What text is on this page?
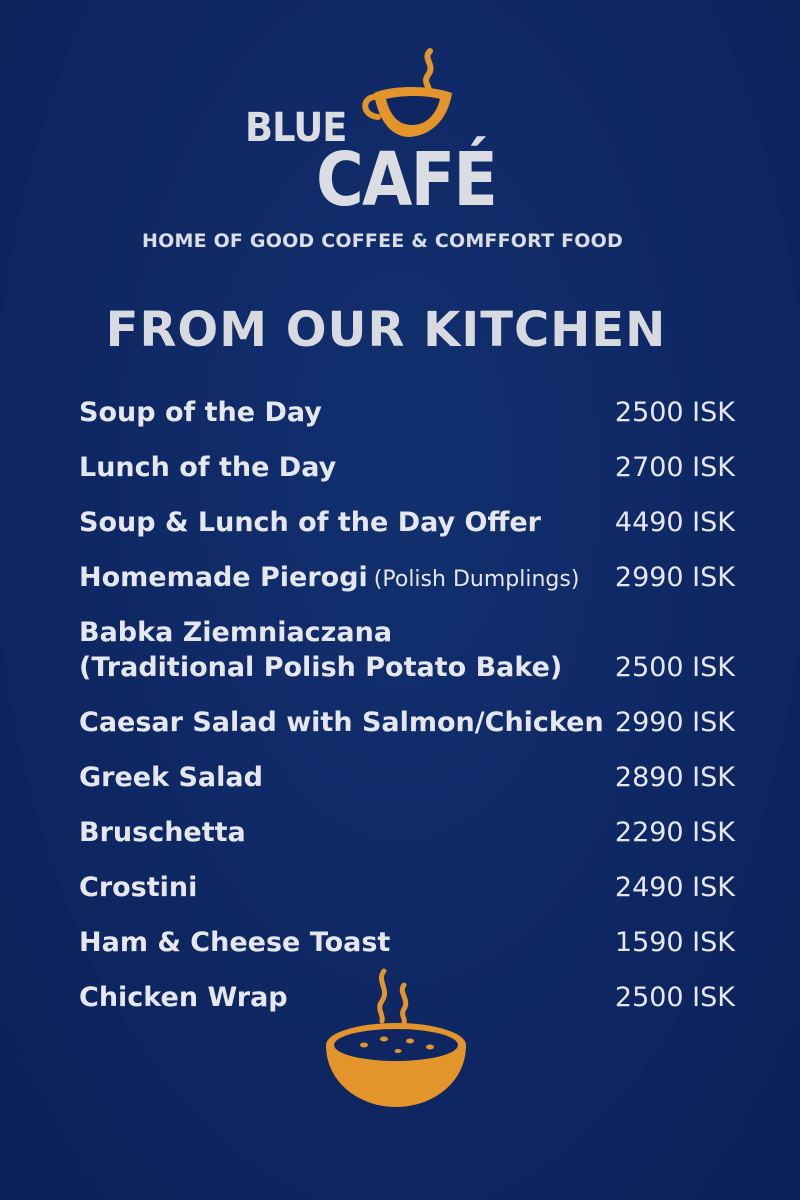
BLUE
CAFÉ
HOME OF GOOD COFFEE & COMFFORT FOOD
FROM OUR KITCHEN
Soup of the Day	2500 ISK
Lunch of the Day	2700 ISK
Soup & Lunch of the Day Offer	4490 ISK
Homemade Pierogi (Polish Dumplings) 2990 ISK
Babka Ziemniaczana
(Traditional Polish Potato Bake) 2500 ISK
Caesar Salad with Salmon/Chicken 2990 ISK
Greek Salad	2890 ISK
Bruschetta	2290 ISK
Crostini	2490 ISK
Ham & Cheese Toast	1590 ISK
Chicken Wrap	2500 ISK
